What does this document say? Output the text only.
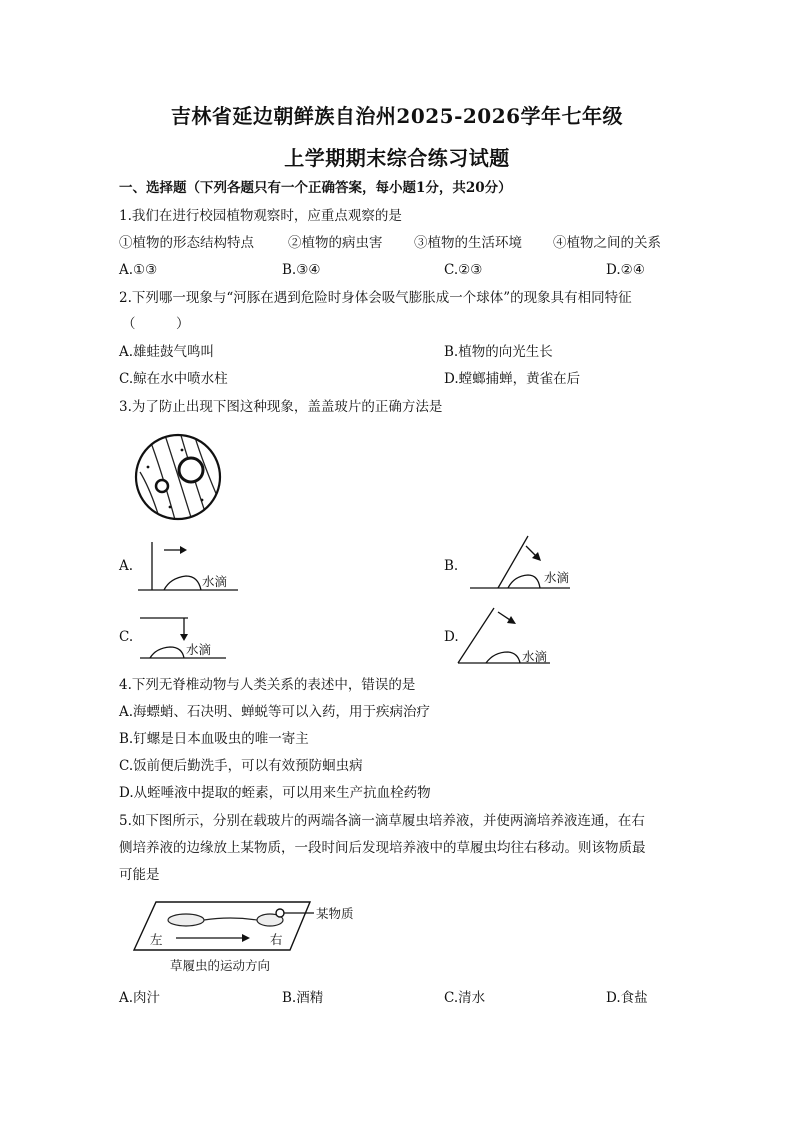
吉林省延边朝鲜族自治州2025-2026学年七年级
上学期期末综合练习试题
一、选择题（下列各题只有一个正确答案，每小题1分，共20分）
1.我们在进行校园植物观察时，应重点观察的是
①植物的形态结构特点	②植物的病虫害 ③植物的生活环境 ④植物之间的关系
A.①③	B.③④	C.②③	D.②④
2.下列哪一现象与“河豚在遇到危险时身体会吸气膨胀成一个球体”的现象具有相同特征
（　　　）
A.雄蛙鼓气鸣叫	B.植物的向光生长
C.鲸在水中喷水柱	D.螳螂捕蝉，黄雀在后
3.为了防止出现下图这种现象，盖盖玻片的正确方法是
A.
水滴
B.
水滴
C.
水滴
D.
水滴
4.下列无脊椎动物与人类关系的表述中，错误的是
A.海螵蛸、石决明、蝉蜕等可以入药，用于疾病治疗
B.钉螺是日本血吸虫的唯一寄主
C.饭前便后勤洗手，可以有效预防蛔虫病
D.从蛭唾液中提取的蛭素，可以用来生产抗血栓药物
5.如下图所示，分别在载玻片的两端各滴一滴草履虫培养液，并使两滴培养液连通，在右
侧培养液的边缘放上某物质，一段时间后发现培养液中的草履虫均往右移动。则该物质最
可能是
某物质
左	右
草履虫的运动方向
A.肉汁	B.酒精	C.清水	D.食盐
